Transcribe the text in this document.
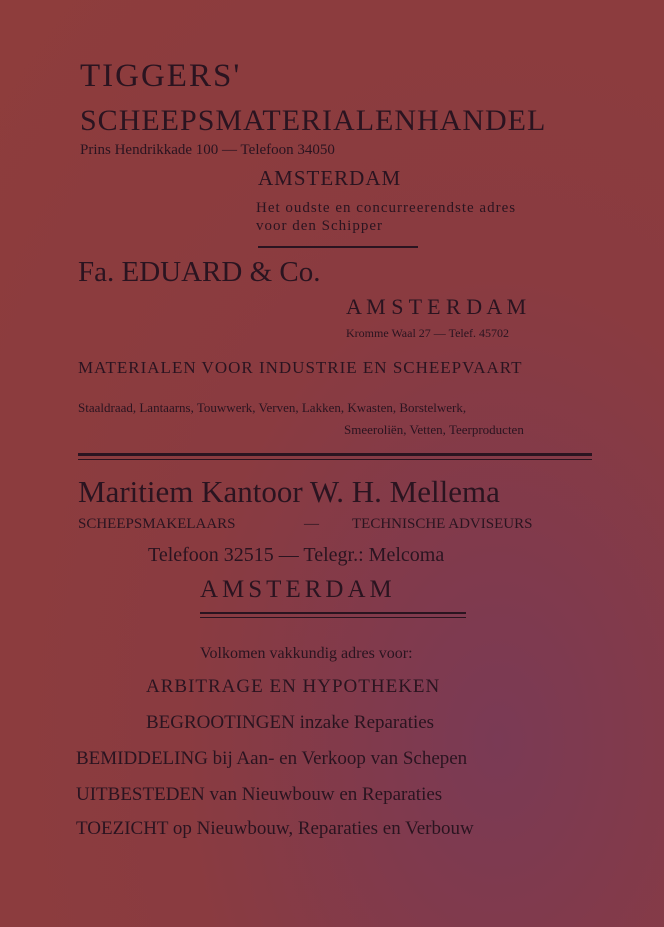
TIGGERS'
SCHEEPSMATERIALENHANDEL
Prins Hendrikkade 100 — Telefoon 34050
AMSTERDAM
Het oudste en concurreerendste adres
voor den Schipper
Fa. EDUARD & Co.
A M S T E R D A M
Kromme Waal 27 — Telef. 45702
MATERIALEN VOOR INDUSTRIE EN SCHEEPVAART
Staaldraad, Lantaarns, Touwwerk, Verven, Lakken, Kwasten, Borstelwerk,
Smeeroliën, Vetten, Teerproducten
Maritiem Kantoor W. H. Mellema
SCHEEPSMAKELAARS	— TECHNISCHE ADVISEURS
Telefoon 32515 — Telegr.: Melcoma
AMSTERDAM
Volkomen vakkundig adres voor:
ARBITRAGE EN HYPOTHEKEN
BEGROOTINGEN inzake Reparaties
BEMIDDELING bij Aan- en Verkoop van Schepen
UITBESTEDEN van Nieuwbouw en Reparaties
TOEZICHT op Nieuwbouw, Reparaties en Verbouw
